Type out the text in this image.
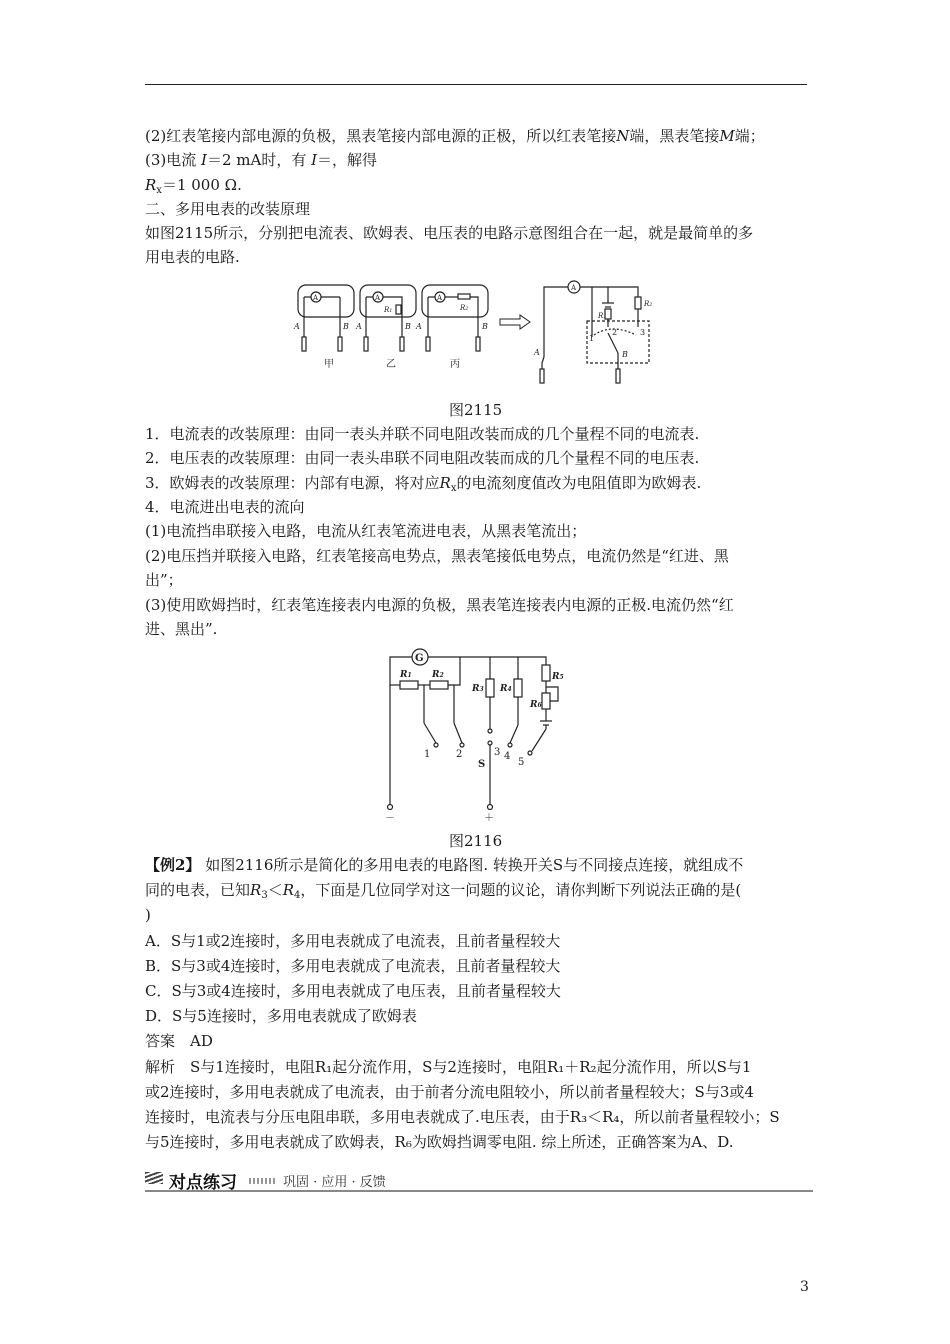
(2)红表笔接内部电源的负极，黑表笔接内部电源的正极，所以红表笔接N端，黑表笔接M端；
(3)电流 I＝2 mA时，有 I＝，解得
$R_x=1$ 000 Ω.
二、多用电表的改装原理
如图2115所示，分别把电流表、欧姆表、电压表的电路示意图组合在一起，就是最简单的多
用电表的电路.
A
A	B
甲
A
R1
A	B
乙
A
R2
A	B
丙
A
R1
R2
1
2	3
B
A
图2115
1．电流表的改装原理：由同一表头并联不同电阻改装而成的几个量程不同的电流表.
2．电压表的改装原理：由同一表头串联不同电阻改装而成的几个量程不同的电压表.
3．欧姆表的改装原理：内部有电源，将对应$R_x$的电流刻度值改为电阻值即为欧姆表.
4．电流进出电表的流向
(1)电流挡串联接入电路，电流从红表笔流进电表，从黑表笔流出；
(2)电压挡并联接入电路，红表笔接高电势点，黑表笔接低电势点，电流仍然是“红进、黑
出”；
(3)使用欧姆挡时，红表笔连接表内电源的负极，黑表笔连接表内电源的正极.电流仍然“红
进、黑出”.
G
R1 R2
R3 R4
R5
R6
1	2	3 4
5
S
－	＋
图2116
【例2】 如图2116所示是简化的多用电表的电路图. 转换开关S与不同接点连接，就组成不
同的电表，已知$R_3<R_4$，下面是几位同学对这一问题的议论，请你判断下列说法正确的是(
)
A．S与1或2连接时，多用电表就成了电流表，且前者量程较大
B．S与3或4连接时，多用电表就成了电流表，且前者量程较大
C．S与3或4连接时，多用电表就成了电压表，且前者量程较大
D．S与5连接时，多用电表就成了欧姆表
答案　AD
解析　S与1连接时，电阻R₁起分流作用，S与2连接时，电阻R₁＋R₂起分流作用，所以S与1
或2连接时，多用电表就成了电流表，由于前者分流电阻较小，所以前者量程较大；S与3或4
连接时，电流表与分压电阻串联，多用电表就成了.电压表，由于R₃＜R₄，所以前者量程较小；S
与5连接时，多用电表就成了欧姆表，R₆为欧姆挡调零电阻. 综上所述，正确答案为A、D.
对点练习	巩固 · 应用 · 反馈
3
